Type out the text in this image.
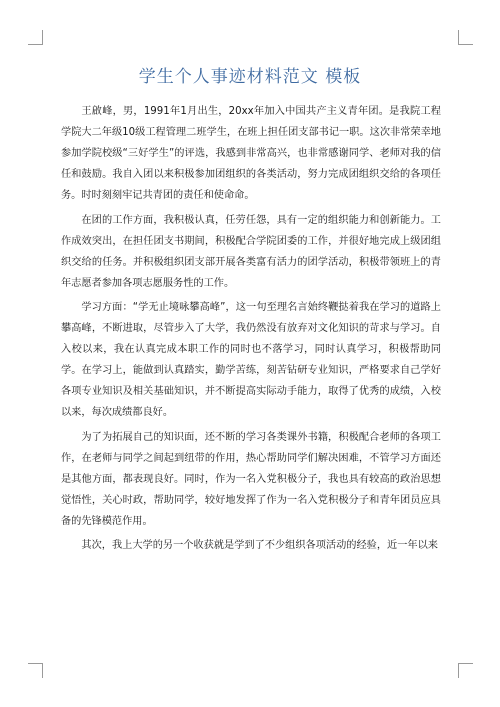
学生个人事迹材料范文 模板

王啟峰，男，1991年1月出生，20xx年加入中国共产主义青年团。是我院工程学院大二年级10级工程管理二班学生，在班上担任团支部书记一职。这次非常荣幸地参加学院校级“三好学生”的评选，我感到非常高兴，也非常感谢同学、老师对我的信任和鼓励。我自入团以来积极参加团组织的各类活动，努力完成团组织交给的各项任务。时时刻刻牢记共青团的责任和使命命。

在团的工作方面，我积极认真，任劳任怨，具有一定的组织能力和创新能力。工作成效突出，在担任团支书期间，积极配合学院团委的工作，并很好地完成上级团组织交给的任务。并积极组织团支部开展各类富有活力的团学活动，积极带领班上的青年志愿者参加各项志愿服务性的工作。

学习方面：“学无止境咏攀高峰”，这一句至理名言始终鞭挞着我在学习的道路上攀高峰，不断进取，尽管步入了大学，我仍然没有放弃对文化知识的苛求与学习。自入校以来，我在认真完成本职工作的同时也不落学习，同时认真学习，积极帮助同学。在学习上，能做到认真踏实，勤学苦练，刻苦钻研专业知识，严格要求自己学好各项专业知识及相关基础知识，并不断提高实际动手能力，取得了优秀的成绩，入校以来，每次成绩都良好。

为了为拓展自己的知识面，还不断的学习各类课外书籍，积极配合老师的各项工作，在老师与同学之间起到纽带的作用，热心帮助同学们解决困难，不管学习方面还是其他方面，都表现良好。同时，作为一名入党积极分子，我也具有较高的政治思想觉悟性，关心时政，帮助同学，较好地发挥了作为一名入党积极分子和青年团员应具备的先锋模范作用。

其次，我上大学的另一个收获就是学到了不少组织各项活动的经验，近一年以来
